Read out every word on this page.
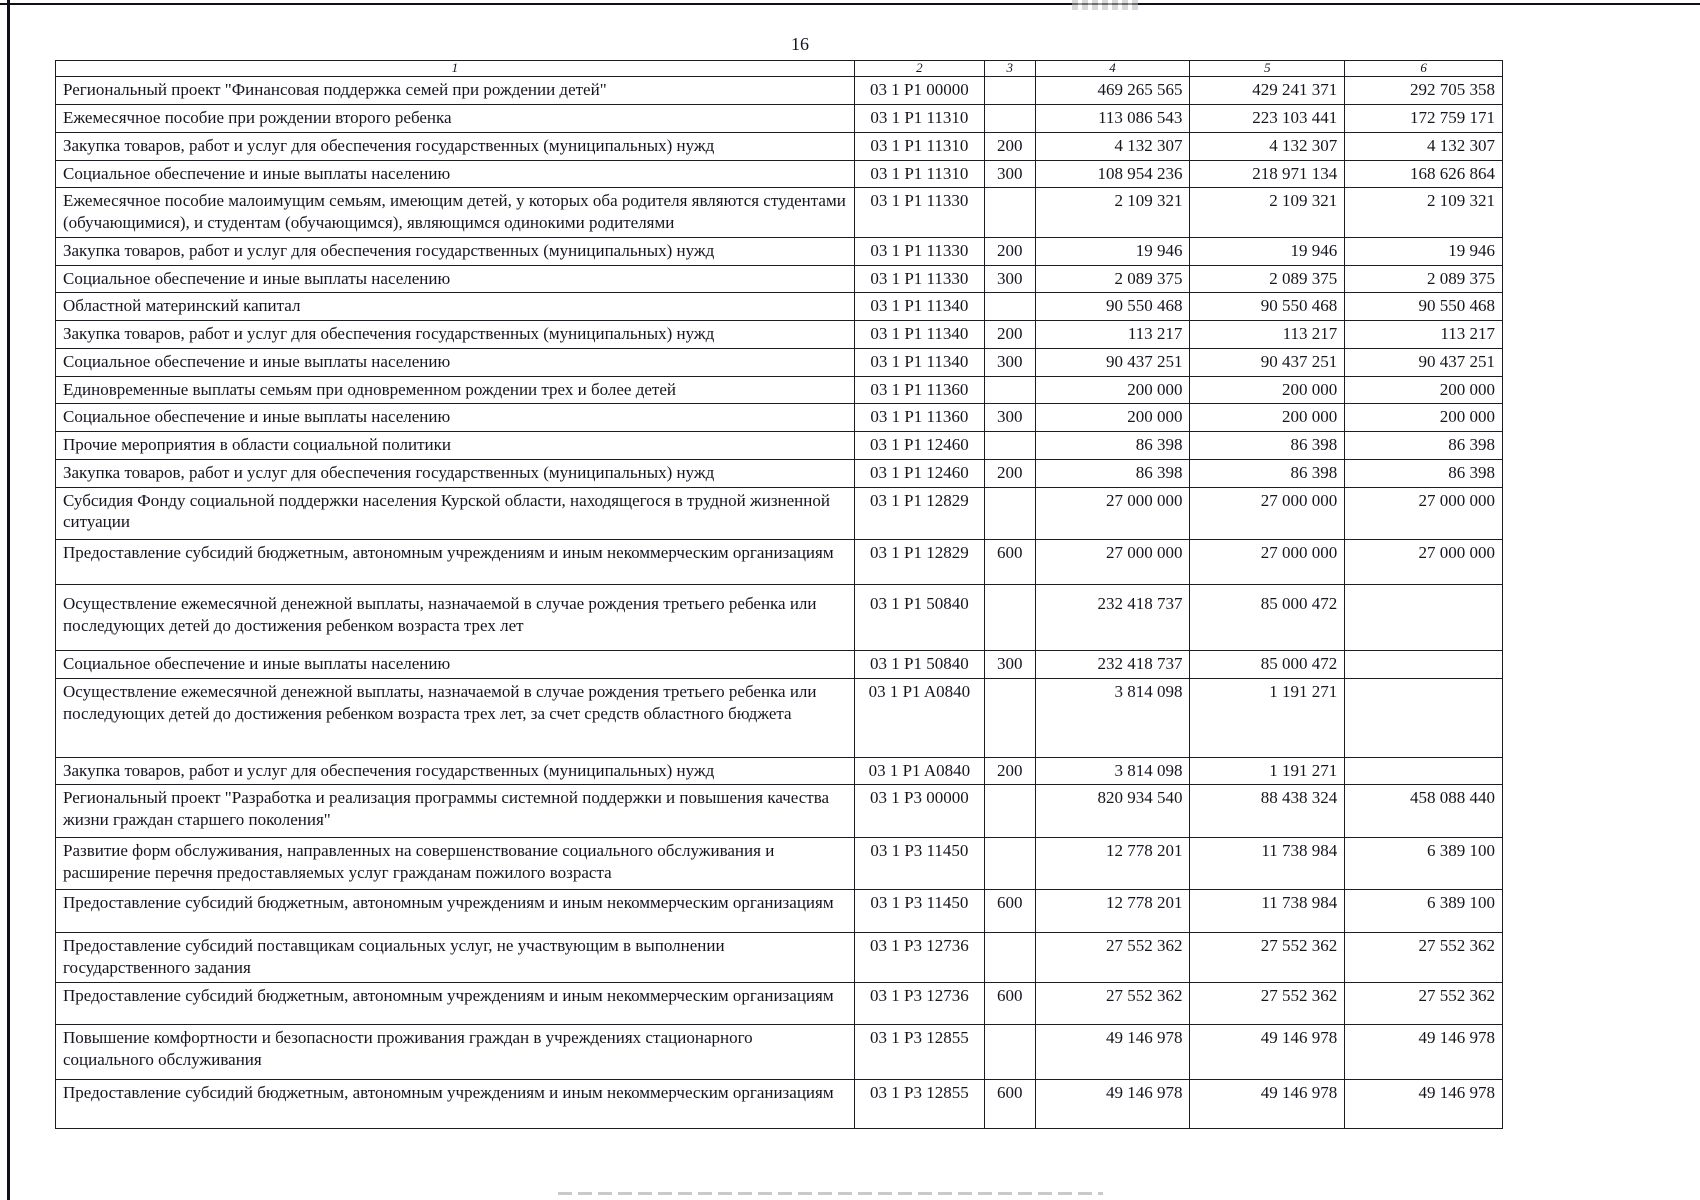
16
1	2	3	4	5	6
Региональный проект "Финансовая поддержка семей при рождении детей"	03 1 P1 00000		469 265 565	429 241 371	292 705 358
Ежемесячное пособие при рождении второго ребенка	03 1 P1 11310		113 086 543	223 103 441	172 759 171
Закупка товаров, работ и услуг для обеспечения государственных (муниципальных) нужд	03 1 P1 11310	200	4 132 307	4 132 307	4 132 307
Социальное обеспечение и иные выплаты населению	03 1 P1 11310	300	108 954 236	218 971 134	168 626 864
Ежемесячное пособие малоимущим семьям, имеющим детей, у которых оба родителя являются студентами (обучающимися), и студентам (обучающимся), являющимся одинокими родителями	03 1 P1 11330		2 109 321	2 109 321	2 109 321
Закупка товаров, работ и услуг для обеспечения государственных (муниципальных) нужд	03 1 P1 11330	200	19 946	19 946	19 946
Социальное обеспечение и иные выплаты населению	03 1 P1 11330	300	2 089 375	2 089 375	2 089 375
Областной материнский капитал	03 1 P1 11340		90 550 468	90 550 468	90 550 468
Закупка товаров, работ и услуг для обеспечения государственных (муниципальных) нужд	03 1 P1 11340	200	113 217	113 217	113 217
Социальное обеспечение и иные выплаты населению	03 1 P1 11340	300	90 437 251	90 437 251	90 437 251
Единовременные выплаты семьям при одновременном рождении трех и более детей	03 1 P1 11360		200 000	200 000	200 000
Социальное обеспечение и иные выплаты населению	03 1 P1 11360	300	200 000	200 000	200 000
Прочие мероприятия в области социальной политики	03 1 P1 12460		86 398	86 398	86 398
Закупка товаров, работ и услуг для обеспечения государственных (муниципальных) нужд	03 1 P1 12460	200	86 398	86 398	86 398
Субсидия Фонду социальной поддержки населения Курской области, находящегося в трудной жизненной ситуации	03 1 P1 12829		27 000 000	27 000 000	27 000 000
Предоставление субсидий бюджетным, автономным учреждениям и иным некоммерческим организациям	03 1 P1 12829	600	27 000 000	27 000 000	27 000 000
Осуществление ежемесячной денежной выплаты, назначаемой в случае рождения третьего ребенка или последующих детей до достижения ребенком возраста трех лет	03 1 P1 50840		232 418 737	85 000 472	
Социальное обеспечение и иные выплаты населению	03 1 P1 50840	300	232 418 737	85 000 472	
Осуществление ежемесячной денежной выплаты, назначаемой в случае рождения третьего ребенка или последующих детей до достижения ребенком возраста трех лет, за счет средств областного бюджета	03 1 P1 A0840		3 814 098	1 191 271	
Закупка товаров, работ и услуг для обеспечения государственных (муниципальных) нужд	03 1 P1 A0840	200	3 814 098	1 191 271	
Региональный проект "Разработка и реализация программы системной поддержки и повышения качества жизни граждан старшего поколения"	03 1 P3 00000		820 934 540	88 438 324	458 088 440
Развитие форм обслуживания, направленных на совершенствование социального обслуживания и расширение перечня предоставляемых услуг гражданам пожилого возраста	03 1 P3 11450		12 778 201	11 738 984	6 389 100
Предоставление субсидий бюджетным, автономным учреждениям и иным некоммерческим организациям	03 1 P3 11450	600	12 778 201	11 738 984	6 389 100
Предоставление субсидий поставщикам социальных услуг, не участвующим в выполнении государственного задания	03 1 P3 12736		27 552 362	27 552 362	27 552 362
Предоставление субсидий бюджетным, автономным учреждениям и иным некоммерческим организациям	03 1 P3 12736	600	27 552 362	27 552 362	27 552 362
Повышение комфортности и безопасности проживания граждан в учреждениях стационарного социального обслуживания	03 1 P3 12855		49 146 978	49 146 978	49 146 978
Предоставление субсидий бюджетным, автономным учреждениям и иным некоммерческим организациям	03 1 P3 12855	600	49 146 978	49 146 978	49 146 978
